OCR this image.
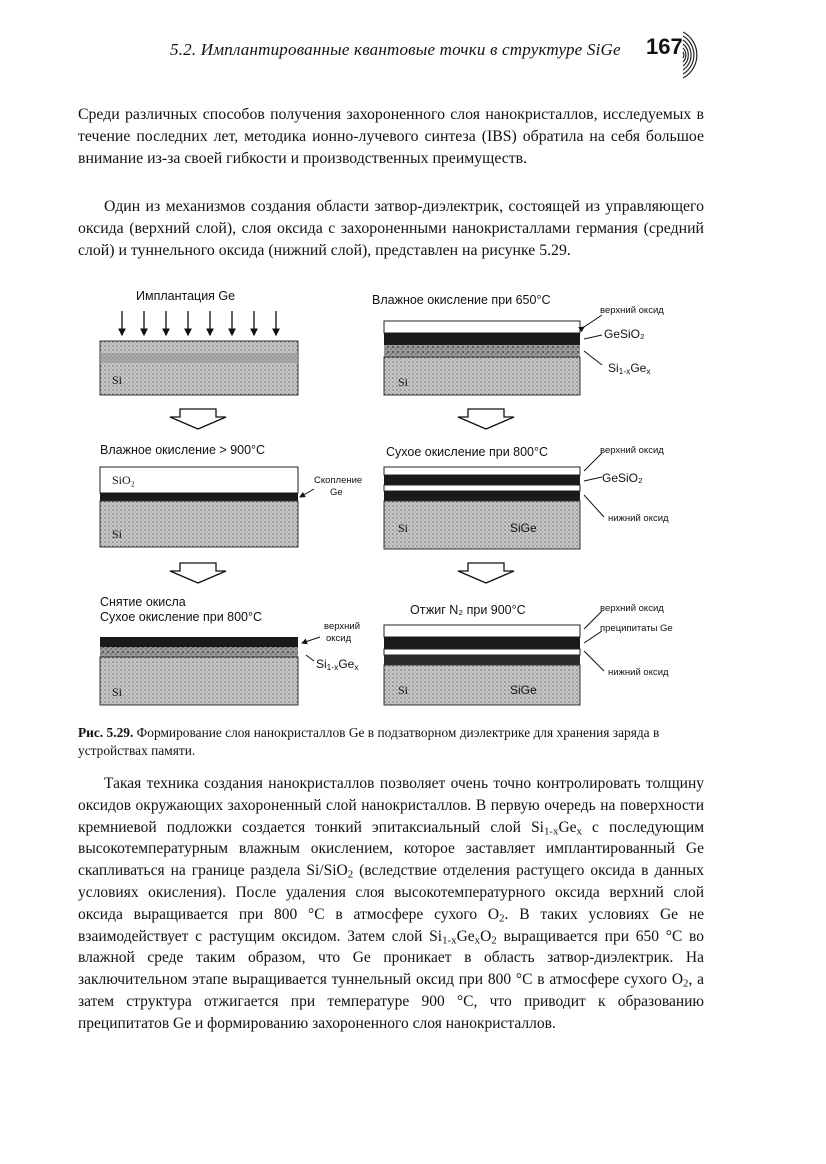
5.2. Имплантированные квантовые точки в структуре SiGe 167

Среди различных способов получения захороненного слоя нанокристаллов, исследуемых в течение последних лет, методика ионно-лучевого синтеза (IBS) обратила на себя большое внимание из-за своей гибкости и производственных преимуществ.

Один из механизмов создания области затвор-диэлектрик, состоящей из управляющего оксида (верхний слой), слоя оксида с захороненными нанокристаллами германия (средний слой) и туннельного оксида (нижний слой), представлен на рисунке 5.29.

Имплантация Ge
Si
Влажное окисление при 650°C
верхний оксид
GeSiO₂
$Si_{1-x}Ge_x$
Si
Влажное окисление > 900°C
SiO₂	Скопление
Ge
Si
Сухое окисление при 800°C	верхний оксид
GeSiO₂
нижний оксид
Si	SiGe
Снятие окисла
Сухое окисление при 800°C
верхний
оксид
$Si_{1-x}Ge_x$
Si
Отжиг N₂ при 900°C	верхний оксид
преципитаты Ge
нижний оксид
Si	SiGe

Рис. 5.29. Формирование слоя нанокристаллов Ge в подзатворном диэлектрике для хранения заряда в устройствах памяти.

Такая техника создания нанокристаллов позволяет очень точно контролировать толщину оксидов окружающих захороненный слой нанокристаллов. В первую очередь на поверхности кремниевой подложки создается тонкий эпитаксиальный слой $Si_{1-x}Ge_x$ с последующим высокотемпературным влажным окислением, которое заставляет имплантированный Ge скапливаться на границе раздела Si/SiO$_2$ (вследствие отделения растущего оксида в данных условиях окисления). После удаления слоя высокотемпературного оксида верхний слой оксида выращивается при 800 °C в атмосфере сухого $O_2$. В таких условиях Ge не взаимодействует с растущим оксидом. Затем слой $Si_{1-x}Ge_xO_2$ выращивается при 650 °C во влажной среде таким образом, что Ge проникает в область затвор-диэлектрик. На заключительном этапе выращивается туннельный оксид при 800 °C в атмосфере сухого $O_2$, а затем структура отжигается при температуре 900 °C, что приводит к образованию преципитатов Ge и формированию захороненного слоя нанокристаллов.
